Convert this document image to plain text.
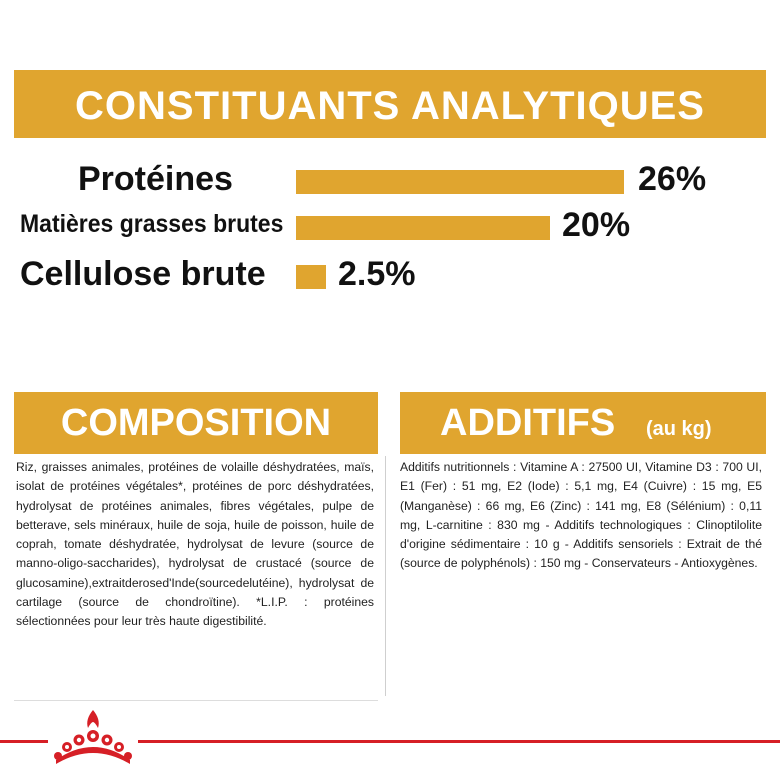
CONSTITUANTS ANALYTIQUES
Protéines	26%
Matières grasses brutes	20%
Cellulose brute 2.5%
COMPOSITION	ADDITIFS (au kg)
Riz, graisses animales, protéines de volaille déshydratées, maïs, isolat de protéines végétales*, protéines de porc déshydratées, hydrolysat de protéines animales, fibres végétales, pulpe de betterave, sels minéraux, huile de soja, huile de poisson, huile de coprah, tomate déshydratée, hydrolysat de levure (source de manno-oligo-saccharides), hydrolysat de crustacé (source de glucosamine),extraitderosed'Inde(sourcedelutéine), hydrolysat de cartilage (source de chondroïtine). *L.I.P. : protéines sélectionnées pour leur très haute digestibilité.
Additifs nutritionnels : Vitamine A : 27500 UI, Vitamine D3 : 700 UI, E1 (Fer) : 51 mg, E2 (Iode) : 5,1 mg, E4 (Cuivre) : 15 mg, E5 (Manganèse) : 66 mg, E6 (Zinc) : 141 mg, E8 (Sélénium) : 0,11 mg, L-carnitine : 830 mg - Additifs technologiques : Clinoptilolite d'origine sédimentaire : 10 g - Additifs sensoriels : Extrait de thé (source de polyphénols) : 150 mg - Conservateurs - Antioxygènes.
